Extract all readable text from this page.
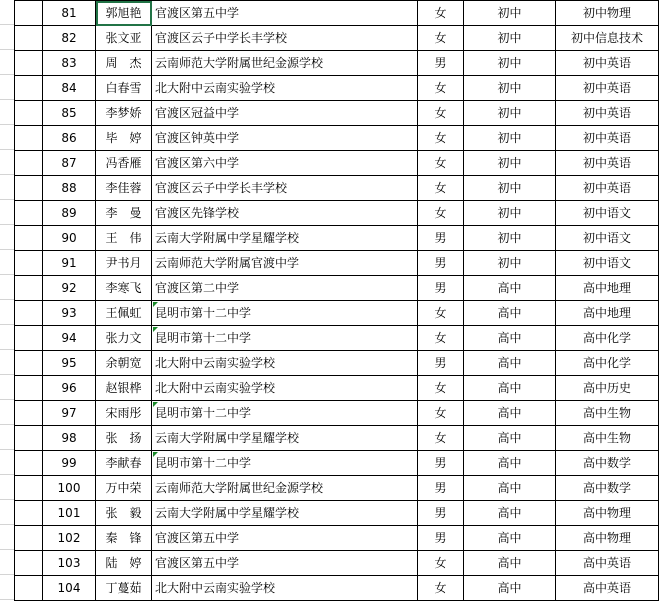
	81	郭旭艳	官渡区第五中学	女	初中	初中物理
	82	张文亚	官渡区云子中学长丰学校	女	初中	初中信息技术
	83	周　杰	云南师范大学附属世纪金源学校	男	初中	初中英语
	84	白春雪	北大附中云南实验学校	女	初中	初中英语
	85	李梦娇	官渡区冠益中学	女	初中	初中英语
	86	毕　婷	官渡区钟英中学	女	初中	初中英语
	87	冯香雁	官渡区第六中学	女	初中	初中英语
	88	李佳蓉	官渡区云子中学长丰学校	女	初中	初中英语
	89	李　曼	官渡区先锋学校	女	初中	初中语文
	90	王　伟	云南大学附属中学星耀学校	男	初中	初中语文
	91	尹书月	云南师范大学附属官渡中学	男	初中	初中语文
	92	李寒飞	官渡区第二中学	男	高中	高中地理
	93	王佩虹	昆明市第十二中学	女	高中	高中地理
	94	张力文	昆明市第十二中学	女	高中	高中化学
	95	余朝宽	北大附中云南实验学校	男	高中	高中化学
	96	赵银桦	北大附中云南实验学校	女	高中	高中历史
	97	宋雨彤	昆明市第十二中学	女	高中	高中生物
	98	张　扬	云南大学附属中学星耀学校	女	高中	高中生物
	99	李献春	昆明市第十二中学	男	高中	高中数学
	100	万中荣	云南师范大学附属世纪金源学校	男	高中	高中数学
	101	张　毅	云南大学附属中学星耀学校	男	高中	高中物理
	102	秦　锋	官渡区第五中学	男	高中	高中物理
	103	陆　婷	官渡区第五中学	女	高中	高中英语
	104	丁蔓茹	北大附中云南实验学校	女	高中	高中英语
